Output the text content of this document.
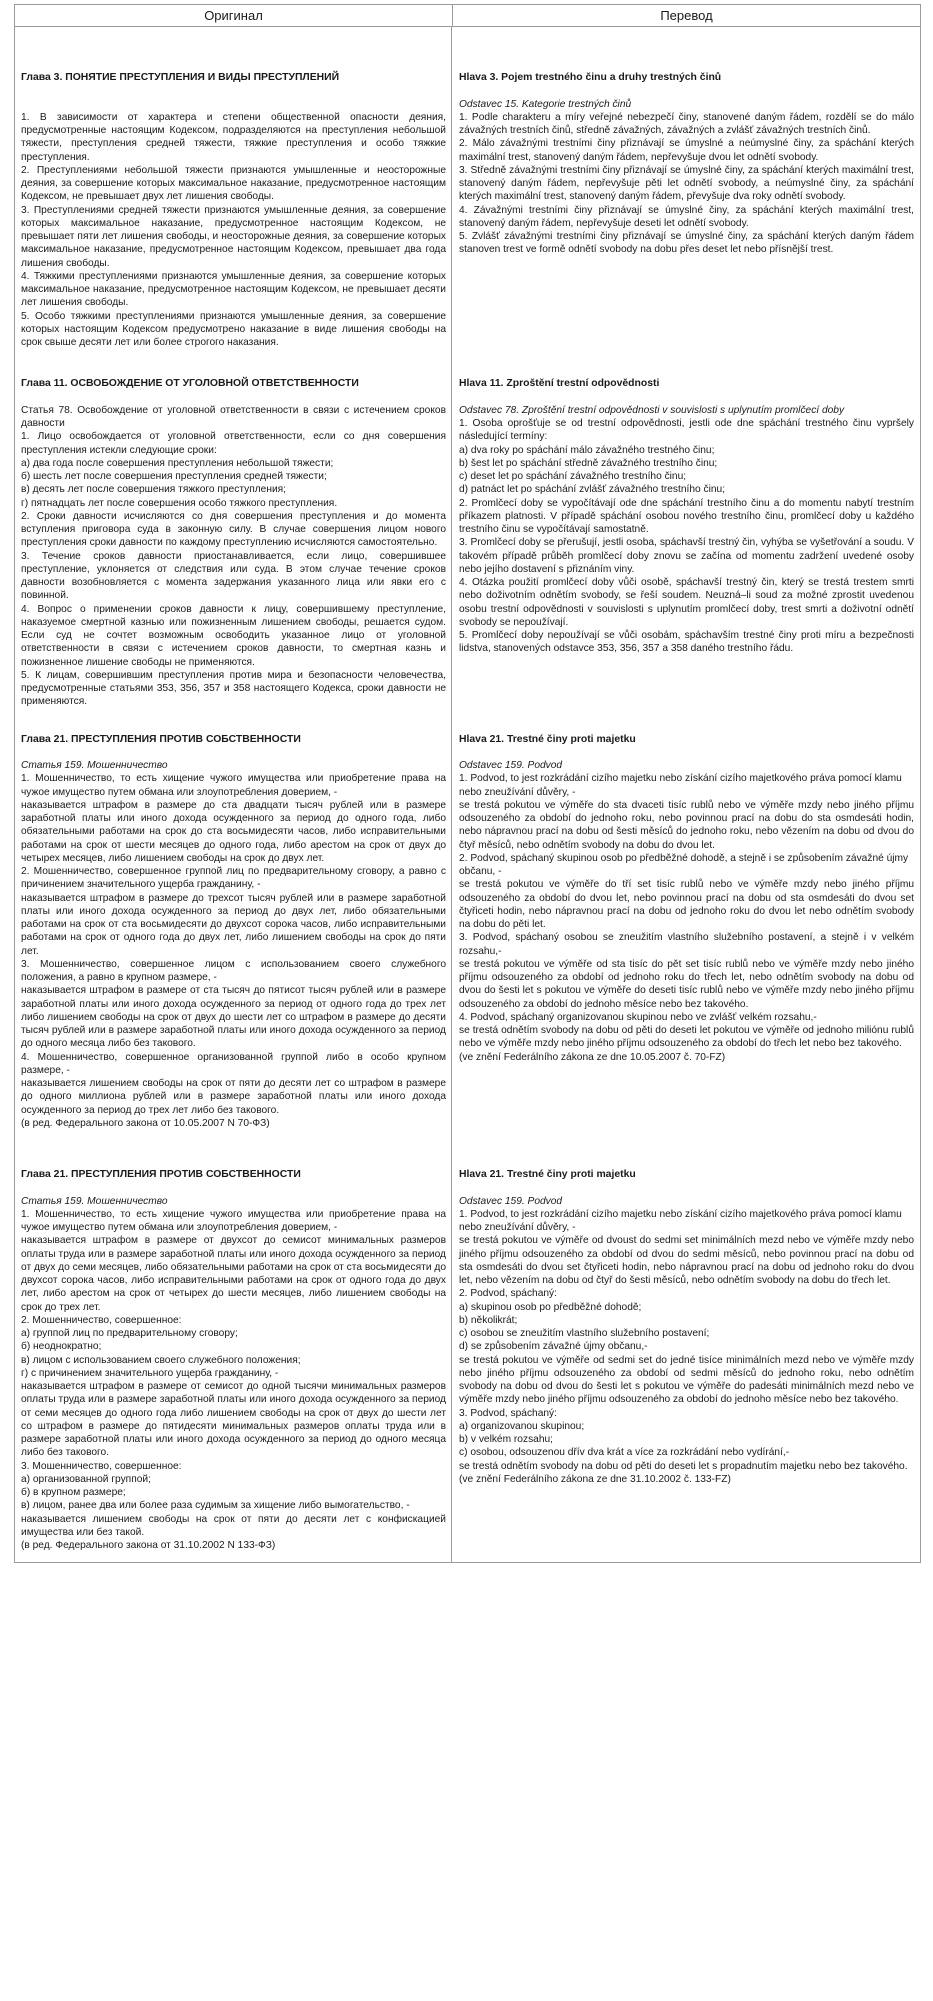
Оригинал	Перевод

Глава 3. ПОНЯТИЕ ПРЕСТУПЛЕНИЯ И ВИДЫ ПРЕСТУПЛЕНИЙ

1. В зависимости от характера и степени общественной опасности деяния, предусмотренные настоящим Кодексом, подразделяются на преступления небольшой тяжести, преступления средней тяжести, тяжкие преступления и особо тяжкие преступления.

2. Преступлениями небольшой тяжести признаются умышленные и неосторожные деяния, за совершение которых максимальное наказание, предусмотренное настоящим Кодексом, не превышает двух лет лишения свободы.

3. Преступлениями средней тяжести признаются умышленные деяния, за совершение которых максимальное наказание, предусмотренное настоящим Кодексом, не превышает пяти лет лишения свободы, и неосторожные деяния, за совершение которых максимальное наказание, предусмотренное настоящим Кодексом, превышает два года лишения свободы.

4. Тяжкими преступлениями признаются умышленные деяния, за совершение которых максимальное наказание, предусмотренное настоящим Кодексом, не превышает десяти лет лишения свободы.

5. Особо тяжкими преступлениями признаются умышленные деяния, за совершение которых настоящим Кодексом предусмотрено наказание в виде лишения свободы на срок свыше десяти лет или более строгого наказания.

Hlava 3. Pojem trestného činu a druhy trestných činů

Odstavec 15. Kategorie trestných činů

1. Podle charakteru a míry veřejné nebezpečí činy, stanovené daným řádem, rozdělí se do málo závažných trestních činů, středně závažných, závažných a zvlášť závažných trestních činů.

2. Málo závažnými trestními činy přiznávají se úmyslné a neúmyslné činy, za spáchání kterých maximální trest, stanovený daným řádem, nepřevyšuje dvou let odnětí svobody.

3. Středně závažnými trestními činy přiznávají se úmyslné činy, za spáchání kterých maximální trest, stanovený daným řádem, nepřevyšuje pěti let odnětí svobody, a neúmyslné činy, za spáchání kterých maximální trest, stanovený daným řádem, převyšuje dva roky odnětí svobody.

4. Závažnými trestními činy přiznávají se úmyslné činy, za spáchání kterých maximální trest, stanovený daným řádem, nepřevyšuje deseti let odnětí svobody.

5. Zvlášť závažnými trestními činy přiznávají se úmyslné činy, za spáchání kterých daným řádem stanoven trest ve formě odnětí svobody na dobu přes deset let nebo přísnější trest.

Глава 11. ОСВОБОЖДЕНИЕ ОТ УГОЛОВНОЙ ОТВЕТСТВЕННОСТИ

Статья 78. Освобождение от уголовной ответственности в связи с истечением сроков давности

1. Лицо освобождается от уголовной ответственности, если со дня совершения преступления истекли следующие сроки:

а) два года после совершения преступления небольшой тяжести;

б) шесть лет после совершения преступления средней тяжести;

в) десять лет после совершения тяжкого преступления;

г) пятнадцать лет после совершения особо тяжкого преступления.

2. Сроки давности исчисляются со дня совершения преступления и до момента вступления приговора суда в законную силу. В случае совершения лицом нового преступления сроки давности по каждому преступлению исчисляются самостоятельно.

3. Течение сроков давности приостанавливается, если лицо, совершившее преступление, уклоняется от следствия или суда. В этом случае течение сроков давности возобновляется с момента задержания указанного лица или явки его с повинной.

4. Вопрос о применении сроков давности к лицу, совершившему преступление, наказуемое смертной казнью или пожизненным лишением свободы, решается судом. Если суд не сочтет возможным освободить указанное лицо от уголовной ответственности в связи с истечением сроков давности, то смертная казнь и пожизненное лишение свободы не применяются.

5. К лицам, совершившим преступления против мира и безопасности человечества, предусмотренные статьями 353, 356, 357 и 358 настоящего Кодекса, сроки давности не применяются.

Hlava 11. Zproštění trestní odpovědnosti

Odstavec 78. Zproštění trestní odpovědnosti v souvislosti s uplynutím promlčecí doby

1. Osoba oprošťuje se od trestní odpovědnosti, jestli ode dne spáchání trestného činu vypršely následující termíny:

a) dva roky po spáchání málo závažného trestného činu;

b) šest let po spáchání středně závažného trestního činu;

c) deset let po spáchání závažného trestního činu;

d) patnáct let po spáchání zvlášť závažného trestního činu;

2. Promlčecí doby se vypočítávají ode dne spáchání trestního činu a do momentu nabytí trestním příkazem platnosti. V případě spáchání osobou nového trestního činu, promlčecí doby u každého trestního činu se vypočítávají samostatně.

3. Promlčecí doby se přerušují, jestli osoba, spáchavší trestný čin, vyhýba se vyšetřování a soudu. V takovém případě průběh promlčecí doby znovu se začína od momentu zadržení uvedené osoby nebo jejího dostavení s přiznáním viny.

4. Otázka použití promlčecí doby vůči osobě, spáchavší trestný čin, který se trestá trestem smrti nebo doživotním odnětím svobody, se řeší soudem. Neuzná–li soud za možné zprostit uvedenou osobu trestní odpovědnosti v souvislosti s uplynutím promlčecí doby, trest smrti a doživotní odnětí svobody se nepoužívají.

5. Promlčecí doby nepoužívají se vůči osobám, spáchavším trestné činy proti míru a bezpečnosti lidstva, stanovených odstavce 353, 356, 357 a 358 daného trestního řádu.

Глава 21. ПРЕСТУПЛЕНИЯ ПРОТИВ СОБСТВЕННОСТИ

Статья 159. Мошенничество

1. Мошенничество, то есть хищение чужого имущества или приобретение права на чужое имущество путем обмана или злоупотребления доверием, -

наказывается штрафом в размере до ста двадцати тысяч рублей или в размере заработной платы или иного дохода осужденного за период до одного года, либо обязательными работами на срок до ста восьмидесяти часов, либо исправительными работами на срок от шести месяцев до одного года, либо арестом на срок от двух до четырех месяцев, либо лишением свободы на срок до двух лет.

2. Мошенничество, совершенное группой лиц по предварительному сговору, а равно с причинением значительного ущерба гражданину, -

наказывается штрафом в размере до трехсот тысяч рублей или в размере заработной платы или иного дохода осужденного за период до двух лет, либо обязательными работами на срок от ста восьмидесяти до двухсот сорока часов, либо исправительными работами на срок от одного года до двух лет, либо лишением свободы на срок до пяти лет.

3. Мошенничество, совершенное лицом с использованием своего служебного положения, а равно в крупном размере, -

наказывается штрафом в размере от ста тысяч до пятисот тысяч рублей или в размере заработной платы или иного дохода осужденного за период от одного года до трех лет либо лишением свободы на срок от двух до шести лет со штрафом в размере до десяти тысяч рублей или в размере заработной платы или иного дохода осужденного за период до одного месяца либо без такового.

4. Мошенничество, совершенное организованной группой либо в особо крупном размере, -

наказывается лишением свободы на срок от пяти до десяти лет со штрафом в размере до одного миллиона рублей или в размере заработной платы или иного дохода осужденного за период до трех лет либо без такового.

(в ред. Федерального закона от 10.05.2007 N 70-ФЗ)

Hlava 21. Trestné činy proti majetku

Odstavec 159. Podvod

1. Podvod, to jest rozkrádání cizího majetku nebo získání cizího majetkového práva pomocí klamu nebo zneužívání důvěry, -

se trestá pokutou ve výměře do sta dvaceti tisíc rublů nebo ve výměře mzdy nebo jiného příjmu odsouzeného za období do jednoho roku, nebo povinnou prací na dobu do sta osmdesáti hodin, nebo nápravnou prací na dobu od šesti měsíců do jednoho roku, nebo vězením na dobu od dvou do čtyř měsíců, nebo odnětím svobody na dobu do dvou let.

2. Podvod, spáchaný skupinou osob po předběžné dohodě, a stejně i se způsobením závažné újmy občanu, -

se trestá pokutou ve výměře do tří set tisíc rublů nebo ve výměře mzdy nebo jiného příjmu odsouzeného za období do dvou let, nebo povinnou prací na dobu od sta osmdesáti do dvou set čtyřiceti hodin, nebo nápravnou prací na dobu od jednoho roku do dvou let nebo odnětím svobody na dobu do pěti let.

3. Podvod, spáchaný osobou se zneužitím vlastního služebního postavení, a stejně i v velkém rozsahu,-

se trestá pokutou ve výměře od sta tisíc do pět set tisíc rublů nebo ve výměře mzdy nebo jiného příjmu odsouzeného za období od jednoho roku do třech let, nebo odnětím svobody na dobu od dvou do šesti let s pokutou ve výměře do deseti tisíc rublů nebo ve výměře mzdy nebo jiného příjmu odsouzeného za období do jednoho měsíce nebo bez takového.

4. Podvod, spáchaný organizovanou skupinou nebo ve zvlášť velkém rozsahu,-

se trestá odnětím svobody na dobu od pěti do deseti let pokutou ve výměře od jednoho miliónu rublů nebo ve výměře mzdy nebo jiného příjmu odsouzeného za období do třech let nebo bez takového.

(ve znění Federálního zákona ze dne 10.05.2007 č. 70-FZ)

Глава 21. ПРЕСТУПЛЕНИЯ ПРОТИВ СОБСТВЕННОСТИ

Статья 159. Мошенничество

1. Мошенничество, то есть хищение чужого имущества или приобретение права на чужое имущество путем обмана или злоупотребления доверием, -

наказывается штрафом в размере от двухсот до семисот минимальных размеров оплаты труда или в размере заработной платы или иного дохода осужденного за период от двух до семи месяцев, либо обязательными работами на срок от ста восьмидесяти до двухсот сорока часов, либо исправительными работами на срок от одного года до двух лет, либо арестом на срок от четырех до шести месяцев, либо лишением свободы на срок до трех лет.

2. Мошенничество, совершенное:

а) группой лиц по предварительному сговору;

б) неоднократно;

в) лицом с использованием своего служебного положения;

г) с причинением значительного ущерба гражданину, -

наказывается штрафом в размере от семисот до одной тысячи минимальных размеров оплаты труда или в размере заработной платы или иного дохода осужденного за период от семи месяцев до одного года либо лишением свободы на срок от двух до шести лет со штрафом в размере до пятидесяти минимальных размеров оплаты труда или в размере заработной платы или иного дохода осужденного за период до одного месяца либо без такового.

3. Мошенничество, совершенное:

а) организованной группой;

б) в крупном размере;

в) лицом, ранее два или более раза судимым за хищение либо вымогательство, -

наказывается лишением свободы на срок от пяти до десяти лет с конфискацией имущества или без такой.

(в ред. Федерального закона от 31.10.2002 N 133-ФЗ)

Hlava 21. Trestné činy proti majetku

Odstavec 159. Podvod

1. Podvod, to jest rozkrádání cizího majetku nebo získání cizího majetkového práva pomocí klamu nebo zneužívání důvěry, -

se trestá pokutou ve výměře od dvoust do sedmi set minimálních mezd nebo ve výměře mzdy nebo jiného příjmu odsouzeného za období od dvou do sedmi měsíců, nebo povinnou prací na dobu od sta osmdesáti do dvou set čtyřiceti hodin, nebo nápravnou prací na dobu od jednoho roku do dvou let, nebo vězením na dobu od čtyř do šesti měsíců, nebo odnětím svobody na dobu do třech let.

2. Podvod, spáchaný:

a) skupinou osob po předběžné dohodě;

b) několikrát;

c) osobou se zneužitím vlastního služebního postavení;

d) se způsobením závažné újmy občanu,-

se trestá pokutou ve výměře od sedmi set do jedné tisíce minimálních mezd nebo ve výměře mzdy nebo jiného příjmu odsouzeného za období od sedmi měsíců do jednoho roku, nebo odnětím svobody na dobu od dvou do šesti let s pokutou ve výměře do padesáti minimálních mezd nebo ve výměře mzdy nebo jiného příjmu odsouzeného za období do jednoho měsíce nebo bez takového.

3. Podvod, spáchaný:

a) organizovanou skupinou;

b) v velkém rozsahu;

c) osobou, odsouzenou dřív dva krát a více za rozkrádání nebo vydírání,-

se trestá odnětím svobody na dobu od pěti do deseti let s propadnutím majetku nebo bez takového.

(ve znění Federálního zákona ze dne 31.10.2002 č. 133-FZ)
